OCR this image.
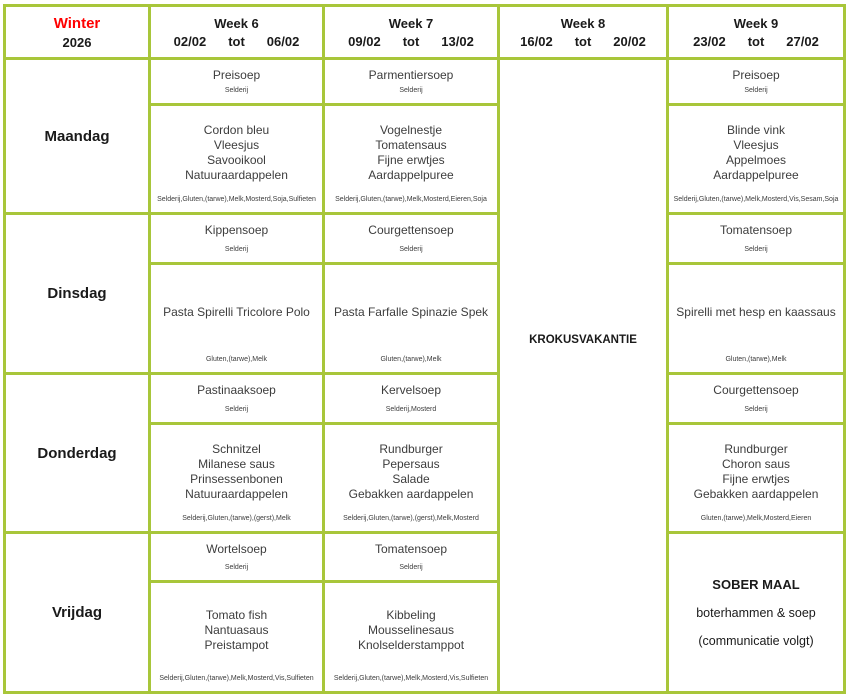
Winter
2026
Week 6
02/02 tot 06/02
Week 7
09/02 tot 13/02
Week 8
16/02 tot 20/02
Week 9
23/02 tot 27/02
Maandag
Dinsdag
Donderdag
Vrijdag
Preisoep
Selderij
Cordon bleu
Vleesjus
Savooikool
Natuuraardappelen
Selderij,Gluten,(tarwe),Melk,Mosterd,Soja,Sulfieten
Kippensoep
Selderij
Pasta Spirelli Tricolore Polo
Gluten,(tarwe),Melk
Pastinaaksoep
Selderij
Schnitzel
Milanese saus
Prinsessenbonen
Natuuraardappelen
Selderij,Gluten,(tarwe),(gerst),Melk
Wortelsoep
Selderij
Tomato fish
Nantuasaus
Preistampot
Selderij,Gluten,(tarwe),Melk,Mosterd,Vis,Sulfieten
Parmentiersoep
Selderij
Vogelnestje
Tomatensaus
Fijne erwtjes
Aardappelpuree
Selderij,Gluten,(tarwe),Melk,Mosterd,Eieren,Soja
Courgettensoep
Selderij
Pasta Farfalle Spinazie Spek
Gluten,(tarwe),Melk
Kervelsoep
Selderij,Mosterd
Rundburger
Pepersaus
Salade
Gebakken aardappelen
Selderij,Gluten,(tarwe),(gerst),Melk,Mosterd
Tomatensoep
Selderij
Kibbeling
Mousselinesaus
Knolselderstamppot
Selderij,Gluten,(tarwe),Melk,Mosterd,Vis,Sulfieten
KROKUSVAKANTIE
Preisoep
Selderij
Blinde vink
Vleesjus
Appelmoes
Aardappelpuree
Selderij,Gluten,(tarwe),Melk,Mosterd,Vis,Sesam,Soja
Tomatensoep
Selderij
Spirelli met hesp en kaassaus
Gluten,(tarwe),Melk
Courgettensoep
Selderij
Rundburger
Choron saus
Fijne erwtjes
Gebakken aardappelen
Gluten,(tarwe),Melk,Mosterd,Eieren
SOBER MAAL
boterhammen & soep
(communicatie volgt)
